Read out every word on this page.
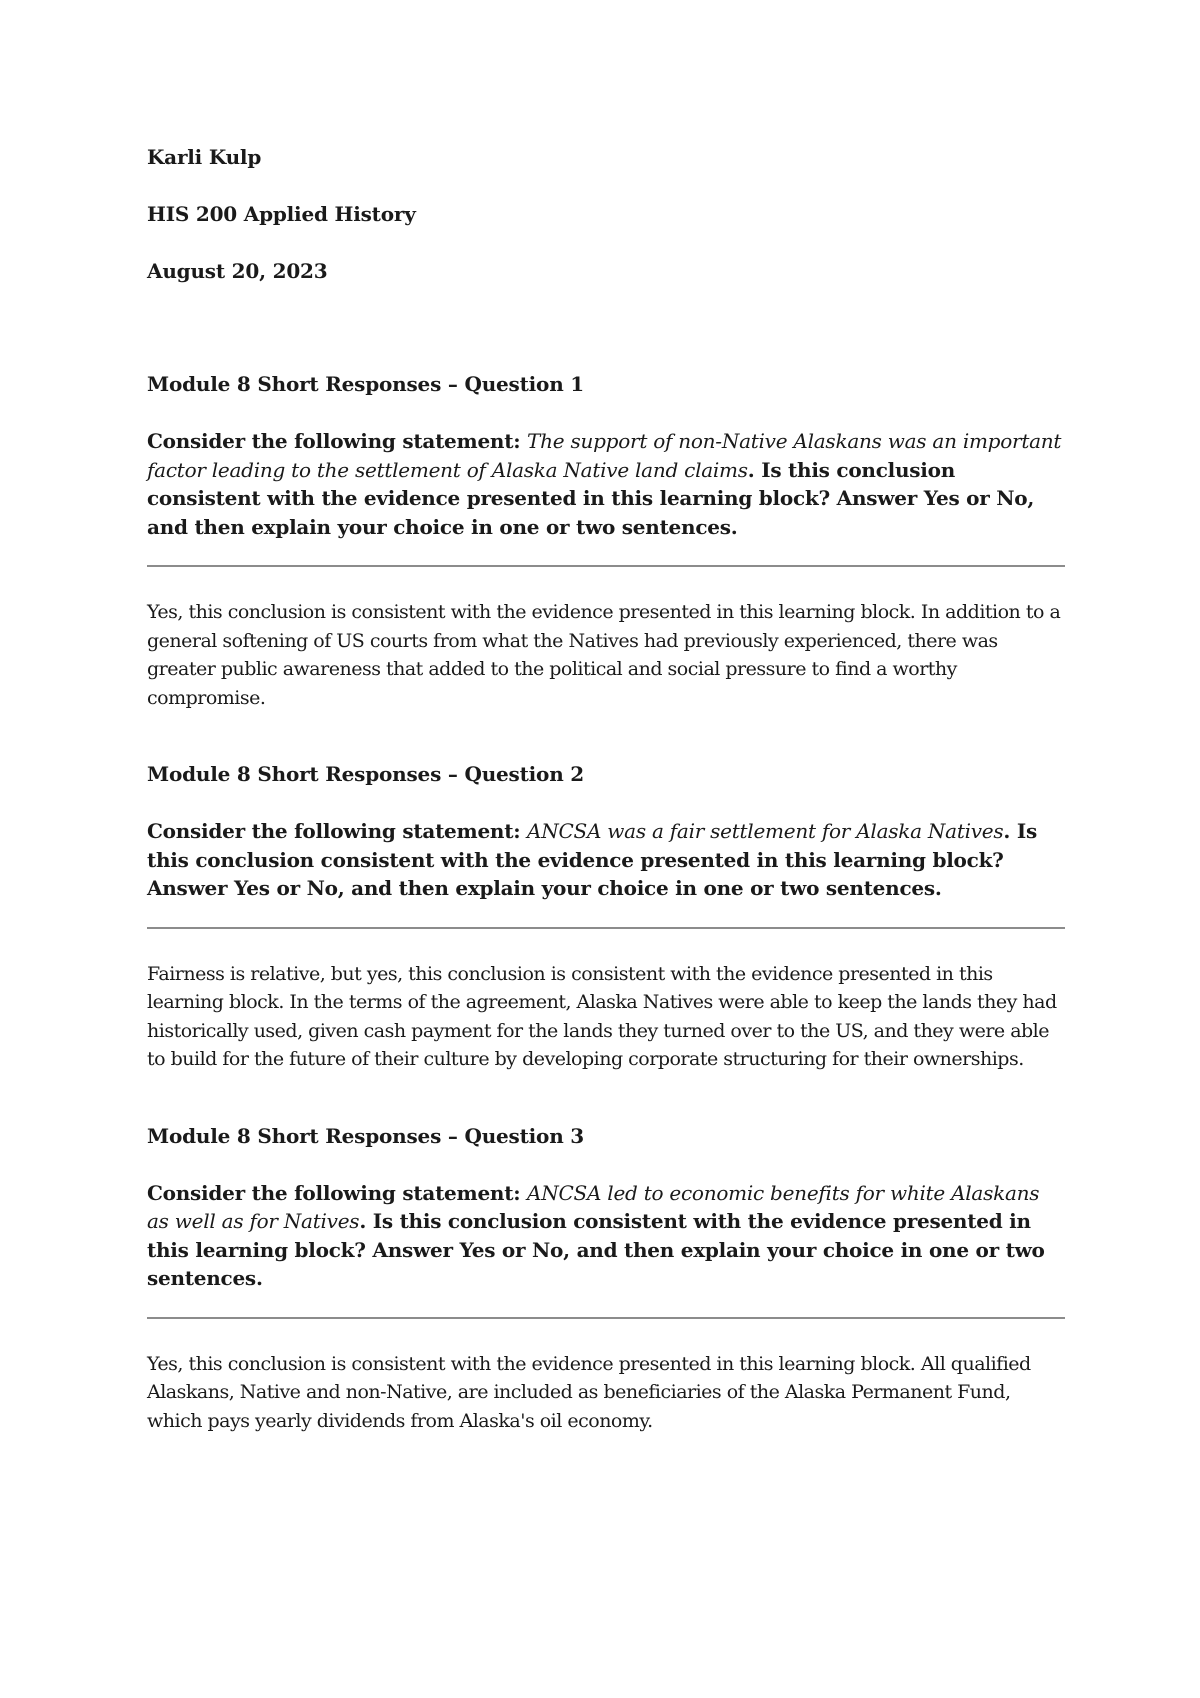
Karli Kulp

HIS 200 Applied History

August 20, 2023

Module 8 Short Responses – Question 1

Consider the following statement: The support of non-Native Alaskans was an important factor leading to the settlement of Alaska Native land claims. Is this conclusion consistent with the evidence presented in this learning block? Answer Yes or No, and then explain your choice in one or two sentences.

Yes, this conclusion is consistent with the evidence presented in this learning block. In addition to a general softening of US courts from what the Natives had previously experienced, there was greater public awareness that added to the political and social pressure to find a worthy compromise.

Module 8 Short Responses – Question 2

Consider the following statement: ANCSA was a fair settlement for Alaska Natives. Is this conclusion consistent with the evidence presented in this learning block? Answer Yes or No, and then explain your choice in one or two sentences.

Fairness is relative, but yes, this conclusion is consistent with the evidence presented in this learning block. In the terms of the agreement, Alaska Natives were able to keep the lands they had historically used, given cash payment for the lands they turned over to the US, and they were able to build for the future of their culture by developing corporate structuring for their ownerships.

Module 8 Short Responses – Question 3

Consider the following statement: ANCSA led to economic benefits for white Alaskans as well as for Natives. Is this conclusion consistent with the evidence presented in this learning block? Answer Yes or No, and then explain your choice in one or two sentences.

Yes, this conclusion is consistent with the evidence presented in this learning block. All qualified Alaskans, Native and non-Native, are included as beneficiaries of the Alaska Permanent Fund, which pays yearly dividends from Alaska's oil economy.
